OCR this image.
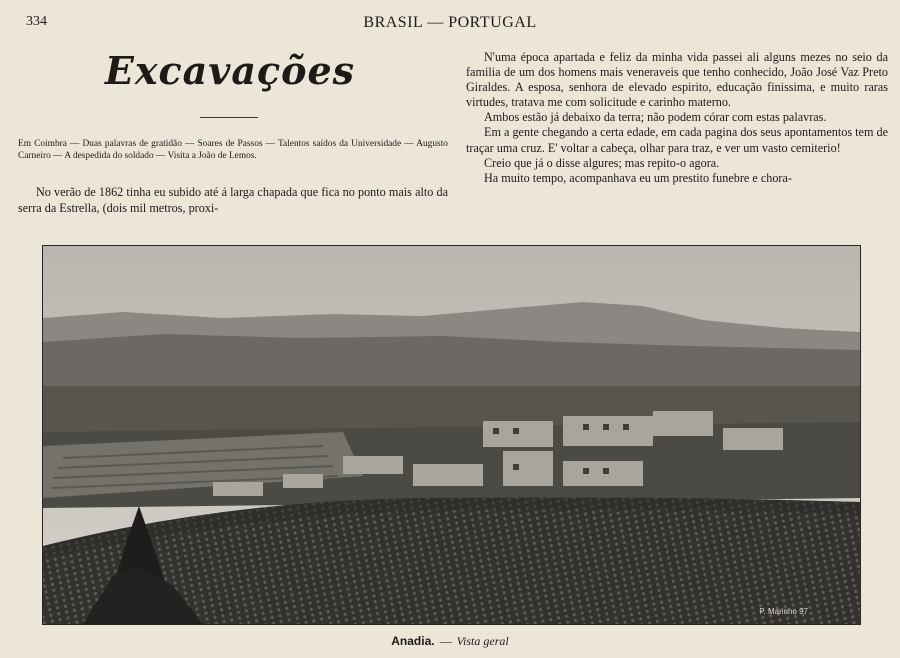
334	BRASIL — PORTUGAL
Excavações
Em Coimbra — Duas palavras de gratidão — Soares de Passos — Talentos saídos da Universidade — Augusto Carneiro — A despedida do soldado — Visita a João de Lemos.

No verão de 1862 tinha eu subido até á larga chapada que fica no ponto mais alto da serra da Estrella, (dois mil metros, proxi-

N'uma época apartada e feliz da minha vida passei ali alguns mezes no seio da familia de um dos homens mais veneraveis que tenho conhecido, João José Vaz Preto Giraldes. A esposa, senhora de elevado espirito, educação finissima, e muito raras virtudes, tratava me com solicitude e carinho materno.

Ambos estão já debaixo da terra; não podem córar com estas palavras.

Em a gente chegando a certa edade, em cada pagina dos seus apontamentos tem de traçar uma cruz. E' voltar a cabeça, olhar para traz, e ver um vasto cemiterio!

Creio que já o disse algures; mas repito-o agora.

Ha muito tempo, acompanhava eu um prestito funebre e chora-

P. Marinho 97
Anadia. — Vista geral
